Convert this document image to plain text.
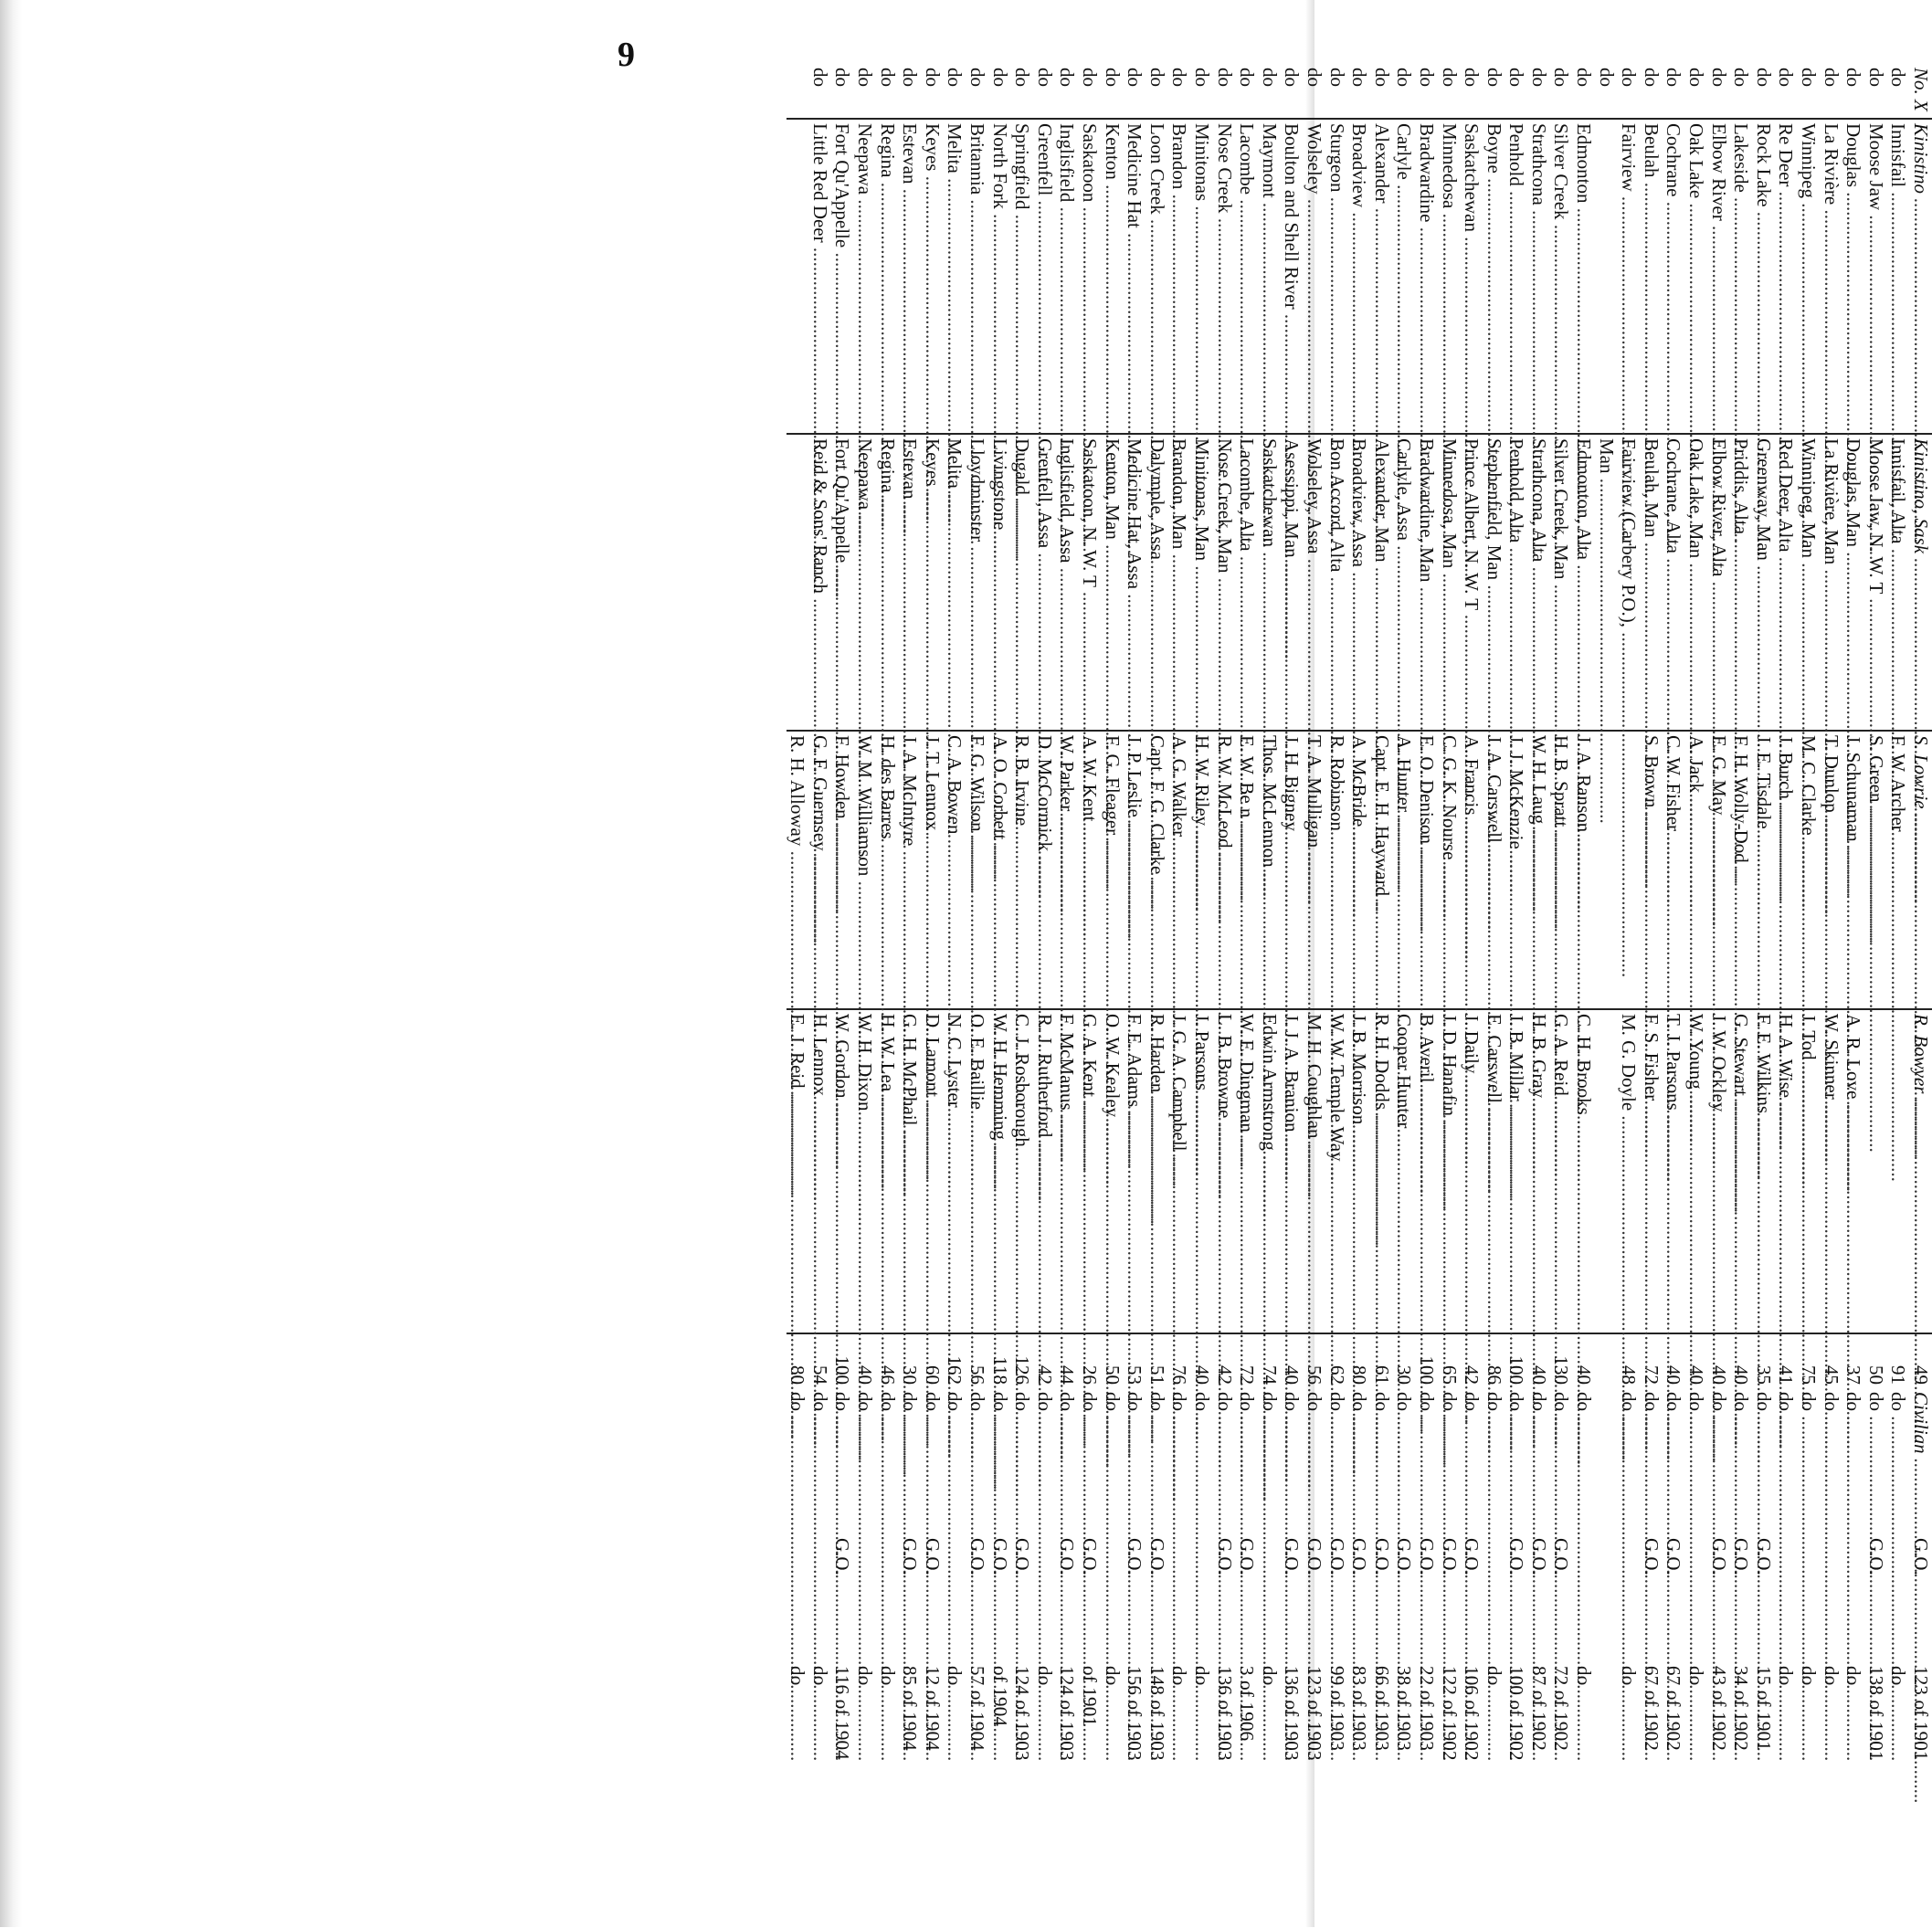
9
No. X	Kinistino .....	Kinistino, Sask .....	S. Lowrie .....	R. Bowyer .....	49	Civilian .....	G.O.	123 of 1901
do	Innisfail .....	Innisfail, Alta .....	F. W. Archer .....		91	do .....		do
do	Moose Jaw .....	Moose Jaw, N. W. T .....	S. Green .....		50	do .....	G.O.	138 of 1901
do	Douglas .....	Douglas, Man .....	J. Schunaman .....	A. R. Love .....	37	do .....		do
do	La Rivière .....	La Rivière, Man .....	T. Dunlop .....	W. Skinner .....	45	do .....		do
do	Winnipeg .....	Winnipeg, Man .....	M. C. Clarke .....	J. Tod .....	75	do .....		do
do	Re Deer .....	Red Deer, Alta .....	J. Burch .....	H. A. Wise .....	41	do .....		do
do	Rock Lake .....	Greenway, Man .....	J. E. Tisdale .....	F. E. Wilkins .....	35	do .....	G.O.	15 of 1901
do	Lakeside .....	Priddis, Alta .....	F. H. Wolly-Dod .....	G. Stewart .....	40	do .....	G.O.	34 of 1902
do	Elbow River .....	Elbow River, Alta .....	E. G. May .....	J. W. Ockley .....	40	do .....	G.O.	43 of 1902
do	Oak Lake .....	Oak Lake, Man .....	A. Jack .....	W. Young .....	40	do .....		do
do	Cochrane .....	Cochrane, Alta .....	C. W. Fisher .....	T. J. Parsons .....	40	do .....	G.O.	67 of 1902
do	Beulah .....	Beulah, Man .....	S. Brown .....	F. S. Fisher .....	72	do .....	G.O.	67 of 1902
do	Fairview .....	Fairview (Carbery P.O.), .....		M. G. Doyle .....	48	do .....		do
do		Man .....						
do	Edmonton .....	Edmonton, Alta .....	J. A. Ranson .....	C. H. Brooks .....	40	do .....		do
do	Silver Creek .....	Silver Creek, Man .....	H. B. Spratt .....	G. A. Reid .....	130	do .....	G.O.	72 of 1902
do	Strathcona .....	Strathcona, Alta .....	W. H. Laug .....	H. B. Gray .....	40	do .....	G.O.	87 of 1902
do	Penhold .....	Penhold, Alta .....	J. J. McKenzie .....	J. B. Millar .....	100	do .....	G.O.	100 of 1902
do	Boyne .....	Stephenfield, Man .....	J. A. Carswell .....	E. Carswell .....	86	do .....		do
do	Saskatchewan .....	Prince Albert, N. W. T .....	A. Francis .....	J. Daily .....	42	do .....	G.O.	106 of 1902
do	Minnedosa .....	Minnedosa, Man .....	C. G. K. Nourse .....	J. D. Hanafin .....	65	do .....	G.O.	122 of 1902
do	Bradwardine .....	Bradwardine, Man .....	E. O. Denison .....	B. Averil .....	100	do .....	G.O.	22 of 1903
do	Carlyle .....	Carlyle, Assa .....	A. Hunter .....	Cooper Hunter .....	30	do .....	G.O.	38 of 1903
do	Alexander .....	Alexander, Man .....	Capt. E. H. Hayward .....	R. H. Dodds .....	61	do .....	G.O.	66 of 1903
do	Broadview .....	Broadview, Assa .....	A. McBride .....	J. B. Morrison .....	80	do .....	G.O.	83 of 1903
do	Sturgeon .....	Bon Accord, Alta .....	R. Robinson .....	W. W. Temple Way .....	62	do .....	G.O.	99 of 1903
do	Wolseley .....	Wolseley, Assa .....	T. A. Mulligan .....	M. H. Coughlan .....	56	do .....	G.O.	123 of 1903
do	Boulton and Shell River .....	Asessippi, Man .....	J. H. Bigney .....	J. J. A. Branion .....	40	do .....	G.O.	136 of 1903
do	Maymont .....	Saskatchewan .....	Thos. McLennon .....	Edwin Armstrong .....	74	do .....		do
do	Lacombe .....	Lacombe, Alta .....	E. W. Be n .....	W. E. Dingman .....	72	do .....	G.O.	3 of 1906
do	Nose Creek .....	Nose Creek, Man .....	R. W. McLeod .....	L. B. Browne .....	42	do .....	G.O.	136 of 1903
do	Minitonas .....	Minitonas, Man .....	H. W. Riley .....	J. Parsons .....	40	do .....		do
do	Brandon .....	Brandon, Man .....	A. G. Walker .....	J. G. A. Campbell .....	76	do .....		do
do	Loon Creek .....	Dalymple, Assa .....	Capt. F. G. Clarke .....	R. Harden .....	51	do .....	G.O.	148 of 1903
do	Medicine Hat .....	Medicine Hat, Assa .....	J. P. Leslie .....	F. E. Adams .....	53	do .....	G.O.	156 of 1903
do	Kenton .....	Kenton, Man .....	F. G. Fleager .....	O. W. Kealey .....	50	do .....		do
do	Saskatoon .....	Saskatoon, N. W. T .....	A. W. Kent .....	G. A. Kent .....	26	do .....	G.O.	of 1901
do	Inglisfield .....	Inglisfield, Assa .....	W. Parker .....	F. McManus .....	44	do .....	G.O.	124 of 1903
do	Greenfell .....	Grenfell, Assa .....	D. McCormick .....	R. J. Rutherford .....	42	do .....		do
do	Springfield .....	Dugald .....	R. B. Irvine .....	C. J. Rosborough .....	126	do .....	G.O.	124 of 1903
do	North Fork .....	Livingstone .....	A. O. Corbett .....	W. H. Hemming .....	118	do .....	G.O.	of 1904
do	Britannia .....	Lloydminster .....	F. G. Wilson .....	O. E. Baillie .....	56	do .....	G.O.	57 of 1904
do	Melita .....	Melita .....	C. A. Bowen .....	N. C. Lyster .....	162	do .....		do
do	Keyes .....	Keyes .....	J. T. Lennox .....	D. Lamont .....	60	do .....	G.O.	12 of 1904
do	Estevan .....	Estevan .....	J. A. McIntyre .....	G. H. McPhail .....	30	do .....	G.O.	85 of 1904
do	Regina .....	Regina .....	H. des Barres .....	H. W. Lea .....	46	do .....		do
do	Neepawa .....	Neepawa .....	W. M. Williamson .....	W. H. Dixon .....	40	do .....		do
do	Fort Qu'Appelle .....	Fort Qu'Appelle .....	F. Howden .....	W. Gordon .....	100	do .....	G.O.	116 of 1904
do	Little Red Deer .....	Reid & Sons' Ranch .....	G. F. Guernsey .....	H. Lennox .....	54	do .....		do
			R. H. Alloway .....	E. J. Reid .....	80	do .....		do
